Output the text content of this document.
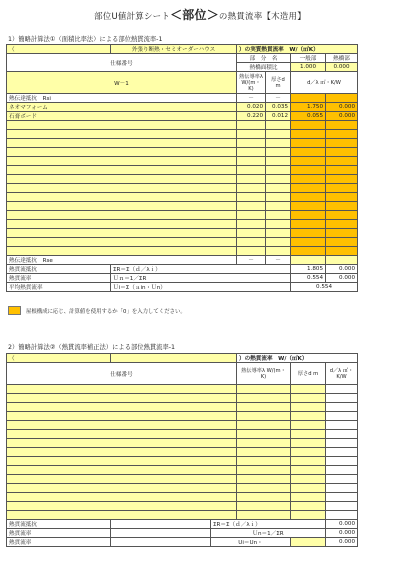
部位U値計算シート＜部位＞の熱貫流率【木造用】
1）簡略計算法①（面積比率法）による部位熱貫流率-1
（	外張り断熱・セミオーダーハウス	）の実質熱貫流率　W/（㎡K）			
仕様番号		部　分　名		一般部	熱橋部
		熱橋面積比		1.000	0.000
W－1		熱伝導率λ W/(m・K)	厚さd m	d／λ ㎡・K/W	
熱伝達抵抗　Rsi		－	－		
ネオマフォーム		0.020	0.035	1.750	0.000
石膏ボード		0.220	0.012	0.055	0.000

熱伝達抵抗　Rse		－	－		
熱貫流抵抗	ΣR＝Σ（ｄ／λｉ）			1.805	0.000
熱貫流率	Ｕｎ＝1／ΣR			0.554	0.000
平均熱貫流率	Ｕi＝Σ（ａin・Ｕn）			0.554	
屋根構成に応じ、計算値を使用するか「0」を入力してください。
2）簡略計算法②（熱貫流率補正法）による部位熱貫流率-1
（			）の熱貫流率　W/（㎡K）		
仕様番号			熱伝導率λ W/(m・K)	厚さd m	d／λ ㎡・K/W

熱貫流抵抗		ΣR＝Σ（ｄ／λｉ）			0.000
熱貫流率		Ｕn＝1／ΣR			0.000
熱貫流率		Ui＝Un・			0.000
